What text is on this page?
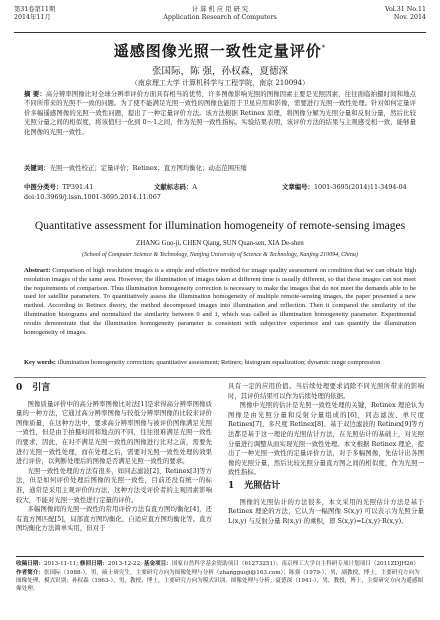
第31卷第11期
2014年11月
计 算 机 应 用 研 究
Application Research of Computers
Vol.31 No.11
Nov. 2014
遥感图像光照一致性定量评价*
张国际，陈 强，孙权森，夏德深
（南京理工大学 计算机科学与工程学院，南京 210094）
摘 要：高分辨率图像比对全球分辨率评价方面具有相当的优势，许多图像影响光照的图像因素主要是光照因素，往往面临拍摄时间和地点不同所带来的光照不一致的问题。为了使不能满足光照一致性的图像也能用于卫星应用和影像，需要进行光照一致性处理。针对如何定量评价多幅遥感图像的光照一致性问题，提出了一种定量评价方法。该方法根据 Retinex 原理，将图像分解为光照分量和反射分量，然后比较光照分量之间的相似度，将该值归一化到 0～1之间，作为光照一致性指标。实验结果表明，该评价方法的结果与主观感受相一致，能够量化图像的光照一致性。
关键词：光照一致性校正；定量评价；Retinex；直方图均衡化；动态范围压缩
中图分类号：TP391.41	文献标志码：A	文章编号：1001-3695(2014)11-3494-04
doi:10.3969/j.issn.1001-3695.2014.11.067
Quantitative assessment for illumination homogeneity of remote-sensing images
ZHANG Guo-ji, CHEN Qiang, SUN Quan-sen, XIA De-shen
(School of Computer Science & Technology, Nanjing University of Science & Technology, Nanjing 210094, China)
Abstract: Comparison of high resolution images is a simple and effective method for image quality assessment on condition that we can obtain high resolution images of the same area. However, the illumination of images taken at different time is usually different, so that these images can not meet the requirements of comparison. Thus illumination homogeneity correction is necessary to make the images that do not meet the demands able to be used for satellite parameters. To quantitatively assess the illumination homogeneity of multiple remote-sensing images, the paper presented a new method. According to Retinex theory, the method decomposed images into illumination and reflection. Then it compared the similarity of the illumination histograms and normalized the similarity between 0 and 1, which was called as illumination homogeneity parameter. Experimental results demonstrate that the illumination homogeneity parameter is consistent with subjective experience and can quantify the illumination homogeneity of images.
Key words: illumination homogeneity correction; quantitative assessment; Retinex; histogram equalization; dynamic range compression
0 引言

图像质量评价中的高分辨率图像比对法[1]是求得高分辨率图像质量的一种方法，它通过高分辨率图像与较低分辨率图像的比较来评价图像质量，在这种方法中，要求高分辨率图像与被评价图像满足光照一致性，但是由于拍摄时间和地点的不同，往往很难满足光照一致性的要求，因此，在对不满足光照一致性的图像进行比对之前，需要先进行光照一致性处理，而在处理之后，需要对光照一致性处理的效果进行评价，以判断处理后的图像是否满足光照一致性的要求。

光照一致性处理的方法有很多，如同态滤波[2]、Retinex[3]等方法，但是如何评价处理后图像的光照一致性，目前还没有统一的标准，通常是采用主观评价的方法，这种方法受评价者的主观因素影响较大，不能对光照一致性进行定量的评价。

多幅图像间的光照一致性的常用评价方法有直方图均衡化[4]，还有直方图匹配[5]，局部直方图均衡化、自适应直方图均衡化等。直方图均衡化方法简单实用，但对于

具有一定的应用价值。当后续处理要求消除不同光照所带来的影响时，其评价结果可以作为后续处理的依据。

图像中光照的估计是光照一致性处理的关键，Retinex 理论认为图像是由光照分量和反射分量组成的[6]，同态滤波、单尺度 Retinex[7]、多尺度 Retinex[8]、基于双边滤波的 Retinex[9]等方法都是基于这一理论的光照估计方法，在光照估计的基础上，对光照分量进行调整从而实现光照一致性处理。本文根据 Retinex 理论，提出了一种光照一致性的定量评价方法，对于多幅图像，先估计出各图像的光照分量，然后比较光照分量直方图之间的相似度，作为光照一致性指标。

1 光照估计

图像的光照估计的方法很多，本文采用的光照估计方法是基于 Retinex 理论的方法，它认为一幅图像 S(x,y) 可以表示为光照分量 L(x,y) 与反射分量 R(x,y) 的乘积，即 S(x,y)=L(x,y)·R(x,y)。

收稿日期：2013-11-11; 修回日期：2013-12-22; 基金项目：国家自然科学基金资助项目（61273251）；南京理工大学自主科研专项计划项目（2011ZDJH26）
作者简介：张国际（1988-），男，硕士研究生，主要研究方向为图像处理与分析（zhangguoji@163.com）；陈强（1979-），男，副教授，博士，主要研究方向为图像处理、模式识别；孙权森（1963-），男，教授，博士，主要研究方向为模式识别、图像处理与分析；夏德深（1941-），男，教授，博士，主要研究方向为遥感图像处理。
